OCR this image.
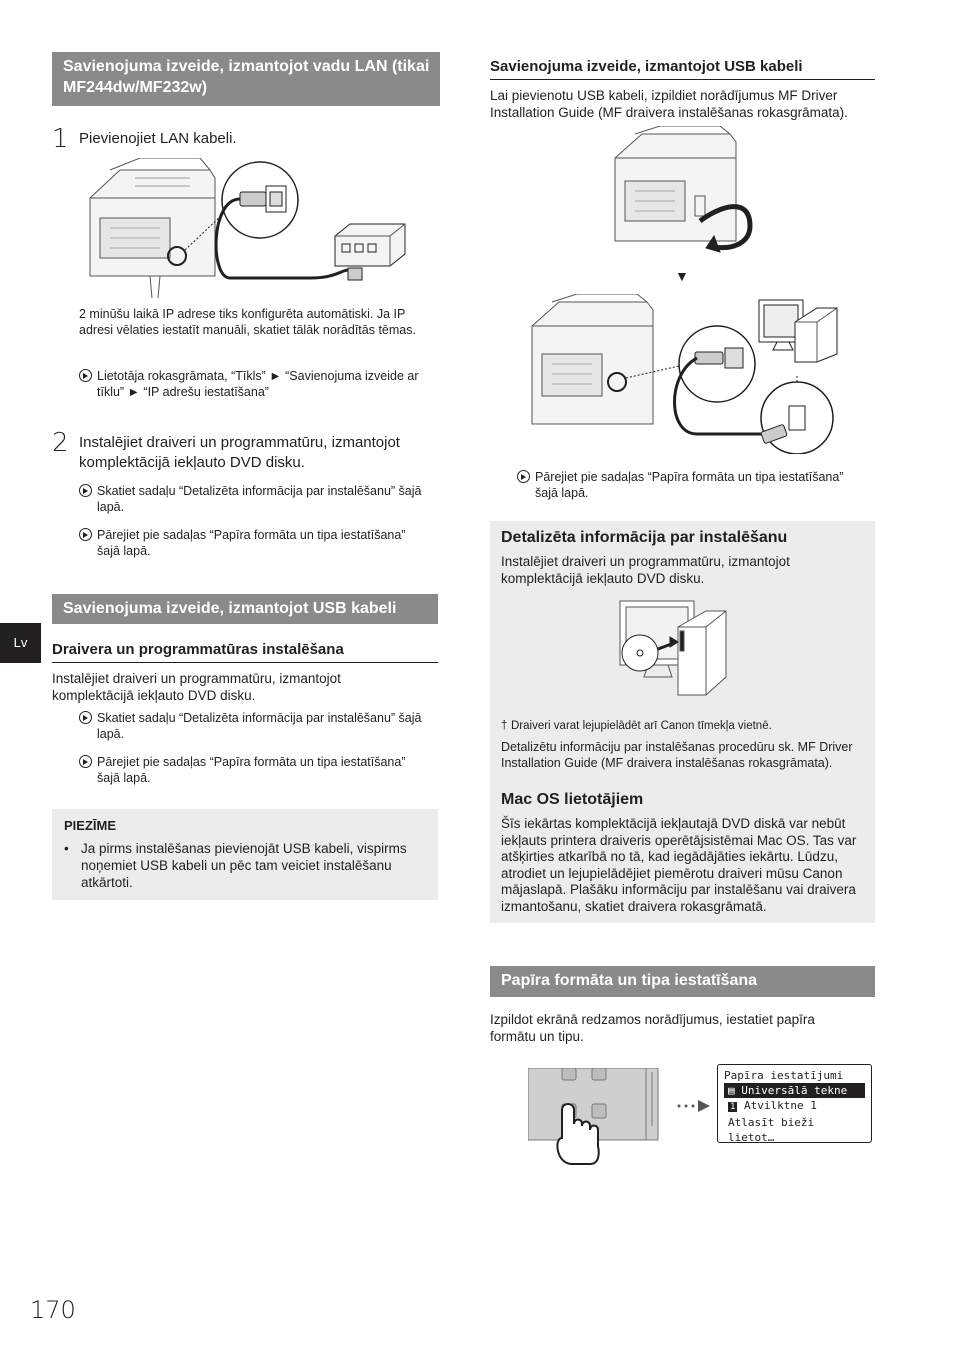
Savienojuma izveide, izmantojot vadu LAN (tikai MF244dw/MF232w)
1 Pievienojiet LAN kabeli.
2 minūšu laikā IP adrese tiks konfigurēta automātiski. Ja IP adresi vēlaties iestatīt manuāli, skatiet tālāk norādītās tēmas.
Lietotāja rokasgrāmata, “Tīkls” ► “Savienojuma izveide ar tīklu” ► “IP adrešu iestatīšana”
2 Instalējiet draiveri un programmatūru, izmantojot komplektācijā iekļauto DVD disku.
Skatiet sadaļu “Detalizēta informācija par instalēšanu” šajā lapā.
Pārejiet pie sadaļas “Papīra formāta un tipa iestatīšana” šajā lapā.
Savienojuma izveide, izmantojot USB kabeli
Lv	Draivera un programmatūras instalēšana
Instalējiet draiveri un programmatūru, izmantojot komplektācijā iekļauto DVD disku.
Skatiet sadaļu “Detalizēta informācija par instalēšanu” šajā lapā.
Pārejiet pie sadaļas “Papīra formāta un tipa iestatīšana” šajā lapā.
PIEZĪME
• Ja pirms instalēšanas pievienojāt USB kabeli, vispirms noņemiet USB kabeli un pēc tam veiciet instalēšanu atkārtoti.
170
Savienojuma izveide, izmantojot USB kabeli
Lai pievienotu USB kabeli, izpildiet norādījumus MF Driver Installation Guide (MF draivera instalēšanas rokasgrāmata).
▼
Pārejiet pie sadaļas “Papīra formāta un tipa iestatīšana” šajā lapā.
Detalizēta informācija par instalēšanu
Instalējiet draiveri un programmatūru, izmantojot komplektācijā iekļauto DVD disku.
† Draiveri varat lejupielādēt arī Canon tīmekļa vietnē.
Detalizētu informāciju par instalēšanas procedūru sk. MF Driver Installation Guide (MF draivera instalēšanas rokasgrāmata).
Mac OS lietotājiem
Šīs iekārtas komplektācijā iekļautajā DVD diskā var nebūt iekļauts printera draiveris operētājsistēmai Mac OS. Tas var atšķirties atkarībā no tā, kad iegādājāties iekārtu. Lūdzu, atrodiet un lejupielādējiet piemērotu draiveri mūsu Canon mājaslapā. Plašāku informāciju par instalēšanu vai draivera izmantošanu, skatiet draivera rokasgrāmatā.
Papīra formāta un tipa iestatīšana
Izpildot ekrānā redzamos norādījumus, iestatiet papīra formātu un tipu.
Papīra iestatījumi
▤ Universālā tekne
1 Atvilktne 1
Atlasīt bieži lietot…
